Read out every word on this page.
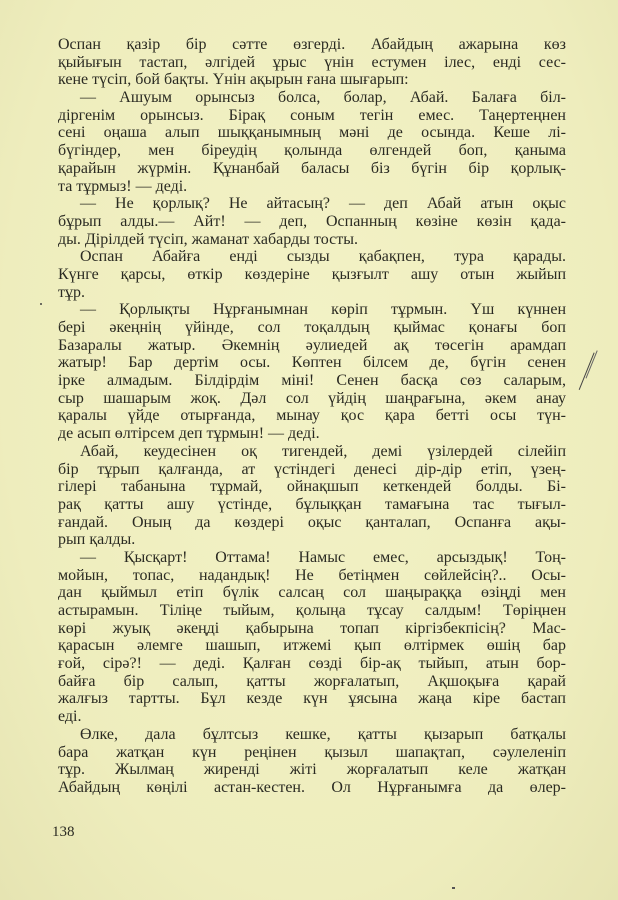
Оспан қазір бір сәтте өзгерді. Абайдың ажарына көз
қыйығын тастап, әлгідей ұрыс үнін естумен ілес, енді сес-
кене түсіп, бой бақты. Үнін ақырын ғана шығарып:
— Ашуым орынсыз болса, болар, Абай. Балаға біл-
діргенім орынсыз. Бірақ соным тегін емес. Таңертеңнен
сені оңаша алып шыққанымның мәні де осында. Кеше лі-
бүгіндер, мен біреудің қолында өлгендей боп, қаныма
қарайын жүрмін. Құнанбай баласы біз бүгін бір қорлық-
та тұрмыз! — деді.
— Не қорлық? Не айтасың? — деп Абай атын оқыс
бұрып алды.— Айт! — деп, Оспанның көзіне көзін қада-
ды. Дірілдей түсіп, жаманат хабарды тосты.
Оспан Абайға енді сызды қабақпен, тура қарады.
Күнге қарсы, өткір көздеріне қызғылт ашу отын жыйып
тұр.
— Қорлықты Нұрғанымнан көріп тұрмын. Үш күннен
бері әкеңнің үйінде, сол тоқалдың қыймас қонағы боп
Базаралы жатыр. Әкемнің әулиедей ақ төсегін арамдап
жатыр! Бар дертім осы. Көптен білсем де, бүгін сенен
ірке алмадым. Білдірдім міні! Сенен басқа сөз саларым,
сыр шашарым жоқ. Дәл сол үйдің шаңрағына, әкем анау
қаралы үйде отырғанда, мынау қос қара бетті осы түн-
де асып өлтірсем деп тұрмын! — деді.
Абай, кеудесінен оқ тигендей, демі үзілердей сілейіп
бір тұрып қалғанда, ат үстіндегі денесі дір-дір етіп, үзең-
гілері табанына тұрмай, ойнақшып кеткендей болды. Бі-
рақ қатты ашу үстінде, бұлыққан тамағына тас тығыл-
ғандай. Оның да көздері оқыс қанталап, Оспанға ақы-
рып қалды.
— Қысқарт! Оттама! Намыс емес, арсыздық! Тоң-
мойын, топас, надандық! Не бетіңмен сөйлейсің?.. Осы-
дан қыймыл етіп бүлік салсаң сол шаңыраққа өзіңді мен
астырамын. Тіліңе тыйым, қолыңа тұсау салдым! Төріңнен
көрі жуық әкеңді қабырына топап кіргізбекпісің? Мас-
қарасын әлемге шашып, итжемі қып өлтірмек өшің бар
ғой, сірә?! — деді. Қалған сөзді бір-ақ тыйып, атын бор-
байға бір салып, қатты жорғалатып, Ақшоқыға қарай
жалғыз тартты. Бұл кезде күн ұясына жаңа кіре бастап
еді.
Өлке, дала бұлтсыз кешке, қатты қызарып батқалы
бара жатқан күн реңінен қызыл шапақтап, сәулеленіп
тұр. Жылмаң жиренді жіті жорғалатып келе жатқан
Абайдың көңілі астан-кестен. Ол Нұрғанымға да өлер-
138
